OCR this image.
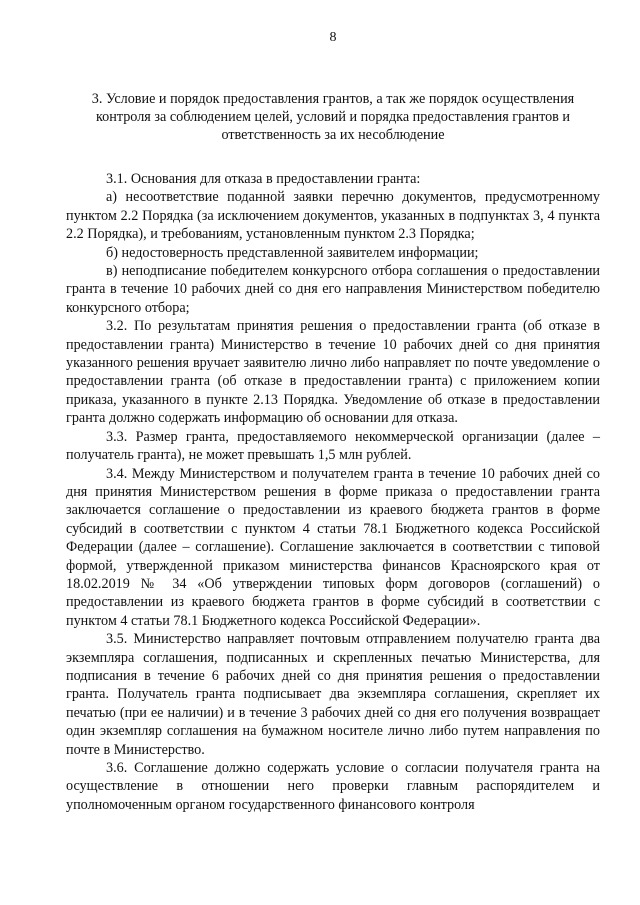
8
3. Условие и порядок предоставления грантов, а так же порядок осуществления контроля за соблюдением целей, условий и порядка предоставления грантов и ответственность за их несоблюдение

3.1. Основания для отказа в предоставлении гранта:

а) несоответствие поданной заявки перечню документов, предусмотренному пунктом 2.2 Порядка (за исключением документов, указанных в подпунктах 3, 4 пункта 2.2 Порядка), и требованиям, установленным пунктом 2.3 Порядка;

б) недостоверность представленной заявителем информации;

в) неподписание победителем конкурсного отбора соглашения о предоставлении гранта в течение 10 рабочих дней со дня его направления Министерством победителю конкурсного отбора;

3.2. По результатам принятия решения о предоставлении гранта (об отказе в предоставлении гранта) Министерство в течение 10 рабочих дней со дня принятия указанного решения вручает заявителю лично либо направляет по почте уведомление о предоставлении гранта (об отказе в предоставлении гранта) с приложением копии приказа, указанного в пункте 2.13 Порядка. Уведомление об отказе в предоставлении гранта должно содержать информацию об основании для отказа.

3.3. Размер гранта, предоставляемого некоммерческой организации (далее – получатель гранта), не может превышать 1,5 млн рублей.

3.4. Между Министерством и получателем гранта в течение 10 рабочих дней со дня принятия Министерством решения в форме приказа о предоставлении гранта заключается соглашение о предоставлении из краевого бюджета грантов в форме субсидий в соответствии с пунктом 4 статьи 78.1 Бюджетного кодекса Российской Федерации (далее – соглашение). Соглашение заключается в соответствии с типовой формой, утвержденной приказом министерства финансов Красноярского края от 18.02.2019 № 34 «Об утверждении типовых форм договоров (соглашений) о предоставлении из краевого бюджета грантов в форме субсидий в соответствии с пунктом 4 статьи 78.1 Бюджетного кодекса Российской Федерации».

3.5. Министерство направляет почтовым отправлением получателю гранта два экземпляра соглашения, подписанных и скрепленных печатью Министерства, для подписания в течение 6 рабочих дней со дня принятия решения о предоставлении гранта. Получатель гранта подписывает два экземпляра соглашения, скрепляет их печатью (при ее наличии) и в течение 3 рабочих дней со дня его получения возвращает один экземпляр соглашения на бумажном носителе лично либо путем направления по почте в Министерство.

3.6. Соглашение должно содержать условие о согласии получателя гранта на осуществление в отношении него проверки главным распорядителем и уполномоченным органом государственного финансового контроля
